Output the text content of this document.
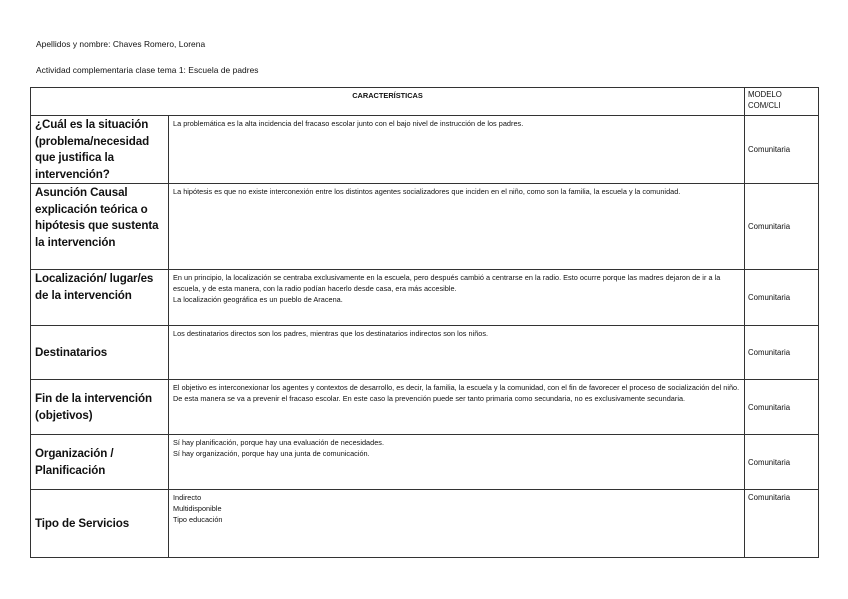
Apellidos y nombre: Chaves Romero, Lorena
Actividad complementaria clase tema 1: Escuela de padres
CARACTERÍSTICAS		MODELO
COM/CLI

¿Cuál es la situación (problema/necesidad que justifica la intervención?	La problemática es la alta incidencia del fracaso escolar junto con el bajo nivel de instrucción de los padres.	Comunitaria
Asunción Causal explicación teórica o hipótesis que sustenta la intervención	La hipótesis es que no existe interconexión entre los distintos agentes socializadores que inciden en el niño, como son la familia, la escuela y la comunidad.	Comunitaria
Localización/ lugar/es de la intervención	En un principio, la localización se centraba exclusivamente en la escuela, pero después cambió a centrarse en la radio. Esto ocurre porque las madres dejaron de ir a la escuela, y de esta manera, con la radio podían hacerlo desde casa, era más accesible.
La localización geográfica es un pueblo de Aracena.	Comunitaria
Destinatarios	Los destinatarios directos son los padres, mientras que los destinatarios indirectos son los niños.	Comunitaria
Fin de la intervención (objetivos)	El objetivo es interconexionar los agentes y contextos de desarrollo, es decir, la familia, la escuela y la comunidad, con el fin de favorecer el proceso de socialización del niño. De esta manera se va a prevenir el fracaso escolar. En este caso la prevención puede ser tanto primaria como secundaria, no es exclusivamente secundaria.	Comunitaria
Organización / Planificación	Sí hay planificación, porque hay una evaluación de necesidades.
Sí hay organización, porque hay una junta de comunicación.	Comunitaria
Tipo de Servicios	Indirecto
Multidisponible
Tipo educación	Comunitaria
